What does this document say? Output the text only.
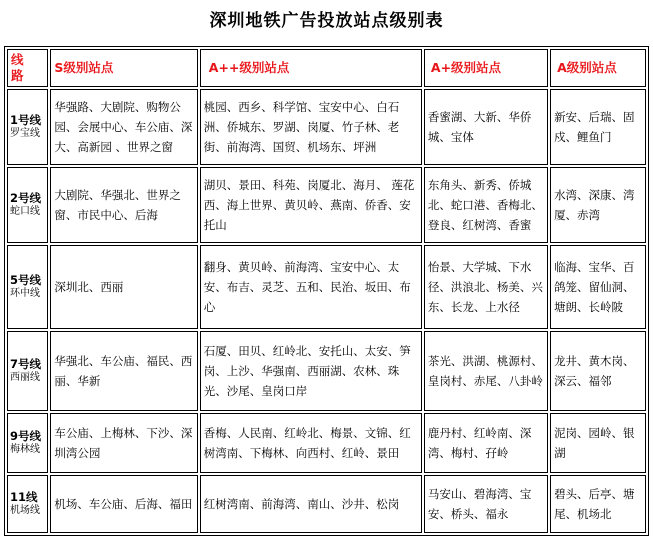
深圳地铁广告投放站点级别表
线　路	S级别站点	A++级别站点	A+级别站点	A级别站点

1号线
罗宝线	华强路、大剧院、购物公园、会展中心、车公庙、深大、高新园 、世界之窗	桃园、西乡、科学馆、宝安中心、白石洲、侨城东、罗湖、岗厦、竹子林、老街、前海湾、国贸、机场东、坪洲	香蜜湖、大新、华侨城、宝体	新安、后瑞、固戍、鲤鱼门

2号线
蛇口线	大剧院、华强北、世界之窗、市民中心、后海	湖贝、景田、科苑、岗厦北、海月、 莲花西、海上世界、黄贝岭、燕南、侨香、安托山	东角头、新秀、侨城北、蛇口港、香梅北、登良、红树湾、香蜜	水湾、深康、湾厦、赤湾

5号线
环中线	深圳北、西丽	翻身、黄贝岭、前海湾、宝安中心、太安、布吉、灵芝、五和、民治、坂田、布心	怡景、大学城、下水径、洪浪北、杨美、兴东、长龙、上水径	临海、宝华、百鸽笼、留仙洞、塘朗、长岭陂

7号线
西丽线	华强北、车公庙、福民、西丽、华新	石厦、田贝、红岭北、安托山、太安、笋岗、上沙、华强南、西丽湖、农林、珠光、沙尾、皇岗口岸	茶光、洪湖、桃源村、皇岗村、赤尾、八卦岭	龙井、黄木岗、深云、福邻

9号线
梅林线	车公庙、上梅林、下沙、深圳湾公园	香梅、人民南、红岭北、梅景、文锦、红树湾南、下梅林、向西村、红岭、景田	鹿丹村、红岭南、深湾、梅村、孖岭	泥岗、园岭、银湖

11线
机场线	机场、车公庙、后海、福田	红树湾南、前海湾、南山、沙井、松岗	马安山、碧海湾、宝安、桥头、福永	碧头、后亭、塘尾、机场北
